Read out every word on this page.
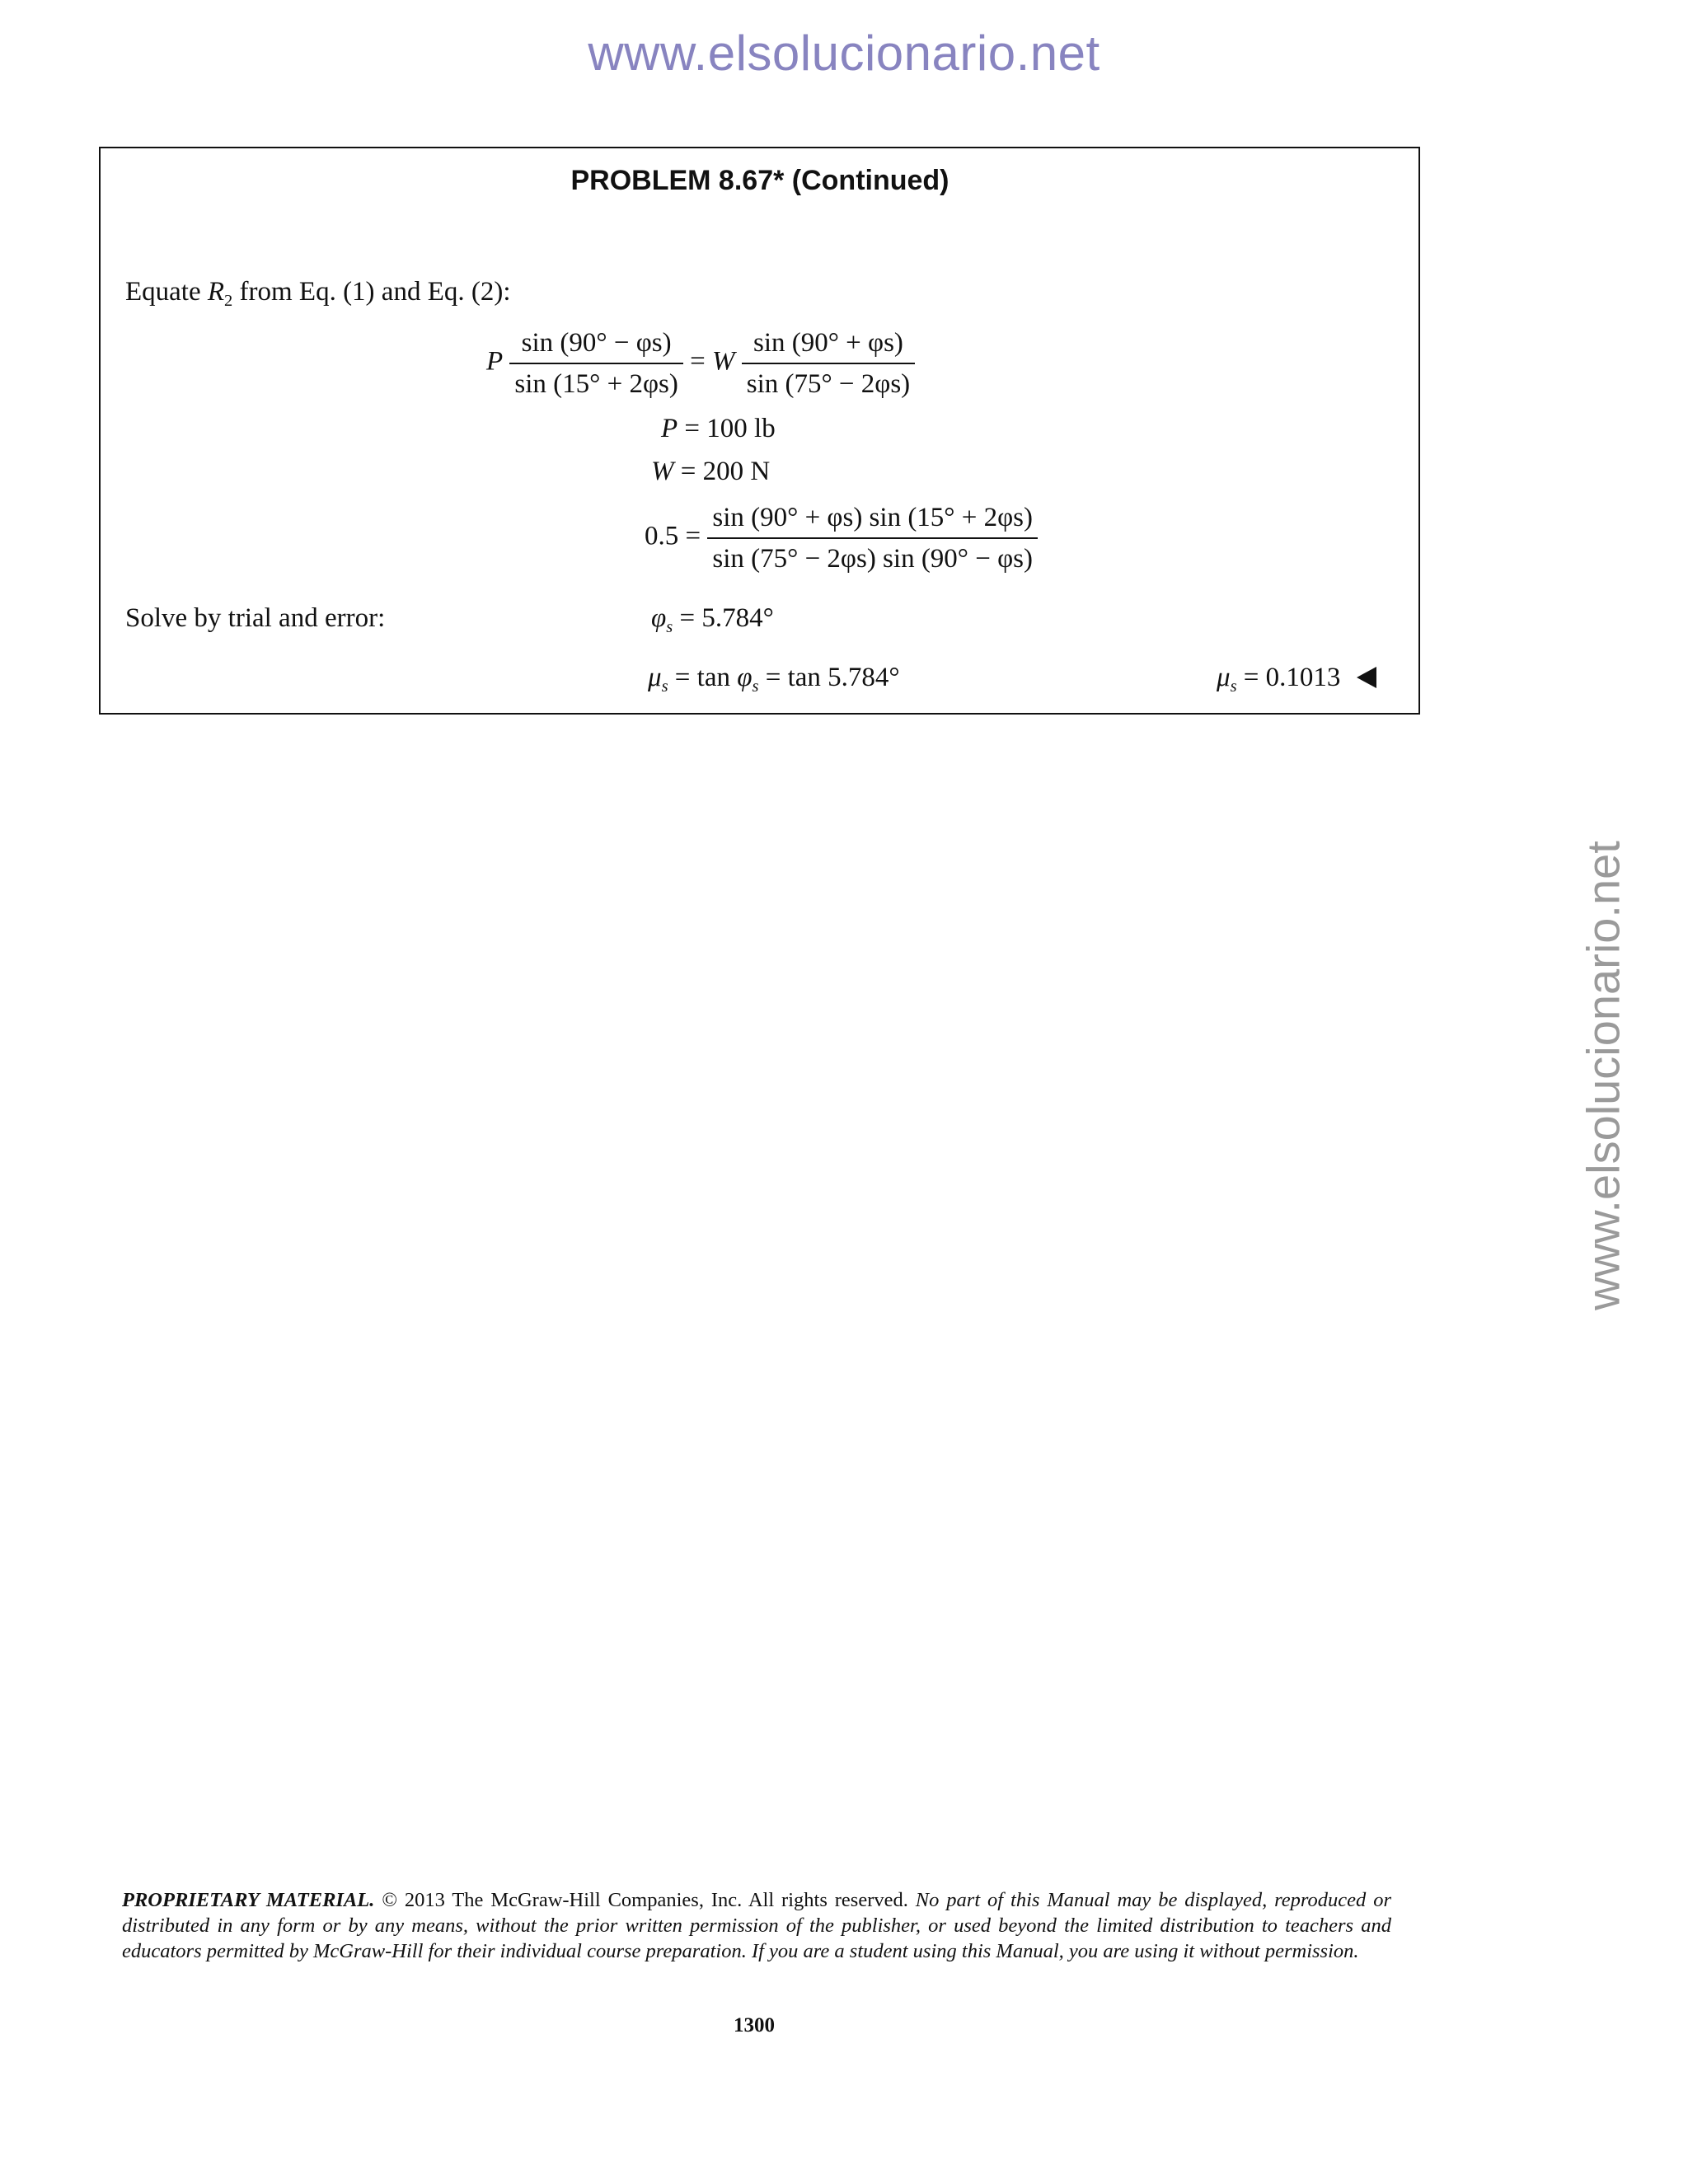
www.elsolucionario.net
www.elsolucionario.net
PROBLEM 8.67* (Continued)
Equate $R_2$ from Eq. (1) and Eq. (2):
P $\frac{\sin (90^\circ - \varphi s)}{\sin (15^\circ + 2\varphi s)} = W \frac{\sin (90^\circ + \varphi s)}{\sin (75^\circ - 2\varphi s)}$
P = 100 lb
W = 200 N
$0.5 = \frac{\sin (90^\circ + \varphi s) \sin (15^\circ + 2\varphi s)}{\sin (75^\circ - 2\varphi s) \sin (90^\circ - \varphi s)}$
Solve by trial and error:	$\varphi_s = 5.784^\circ$
$\mu_s = \tan \varphi_s = \tan 5.784^\circ$	$\mu_s = 0.1013$
PROPRIETARY MATERIAL. © 2013 The McGraw-Hill Companies, Inc. All rights reserved. No part of this Manual may be displayed, reproduced or distributed in any form or by any means, without the prior written permission of the publisher, or used beyond the limited distribution to teachers and educators permitted by McGraw-Hill for their individual course preparation. If you are a student using this Manual, you are using it without permission.
1300
